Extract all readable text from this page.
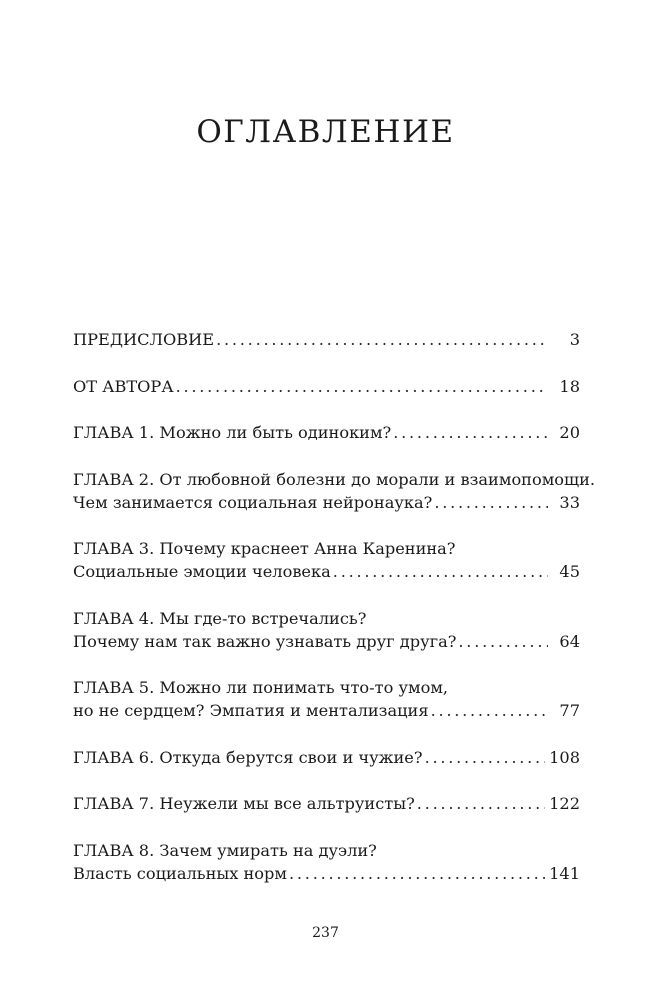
ОГЛАВЛЕНИЕ
ПРЕДИСЛОВИЕ . . .	3
ОТ АВТОРА . . .	18
ГЛАВА 1. Можно ли быть одиноким? . . .	20
ГЛАВА 2. От любовной болезни до морали и взаимопомощи.
Чем занимается социальная нейронаука? . . .	33
ГЛАВА 3. Почему краснеет Анна Каренина?
Социальные эмоции человека . . .	45
ГЛАВА 4. Мы где-то встречались?
Почему нам так важно узнавать друг друга? . . .	64
ГЛАВА 5. Можно ли понимать что-то умом,
но не сердцем? Эмпатия и ментализация . . .	77
ГЛАВА 6. Откуда берутся свои и чужие? . . .	108
ГЛАВА 7. Неужели мы все альтруисты? . . .	122
ГЛАВА 8. Зачем умирать на дуэли?
Власть социальных норм . . .	141
237
